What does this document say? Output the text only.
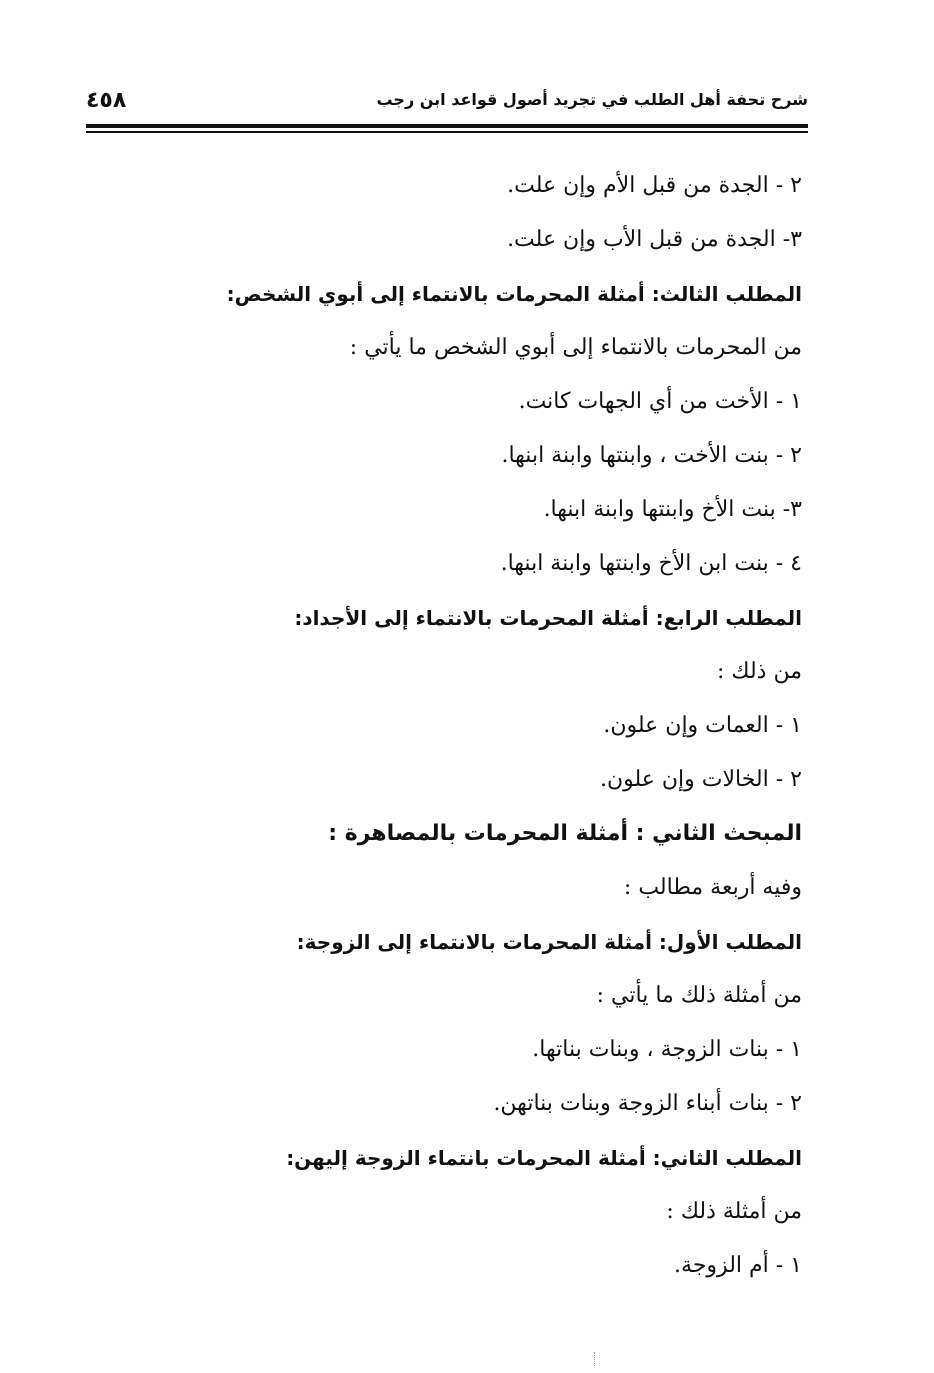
شرح تحفة أهل الطلب في تجريد أصول قواعد ابن رجب
٤٥٨
٢ - الجدة من قبل الأم وإن علت.
٣- الجدة من قبل الأب وإن علت.
المطلب الثالث: أمثلة المحرمات بالانتماء إلى أبوي الشخص:
من المحرمات بالانتماء إلى أبوي الشخص ما يأتي :
١ - الأخت من أي الجهات كانت.
٢ - بنت الأخت ، وابنتها وابنة ابنها.
٣- بنت الأخ وابنتها وابنة ابنها.
٤ - بنت ابن الأخ وابنتها وابنة ابنها.
المطلب الرابع: أمثلة المحرمات بالانتماء إلى الأجداد:
من ذلك :
١ - العمات وإن علون.
٢ - الخالات وإن علون.
المبحث الثاني : أمثلة المحرمات بالمصاهرة :
وفيه أربعة مطالب :
المطلب الأول: أمثلة المحرمات بالانتماء إلى الزوجة:
من أمثلة ذلك ما يأتي :
١ - بنات الزوجة ، وبنات بناتها.
٢ - بنات أبناء الزوجة وبنات بناتهن.
المطلب الثاني: أمثلة المحرمات بانتماء الزوجة إليهن:
من أمثلة ذلك :
١ - أم الزوجة.
